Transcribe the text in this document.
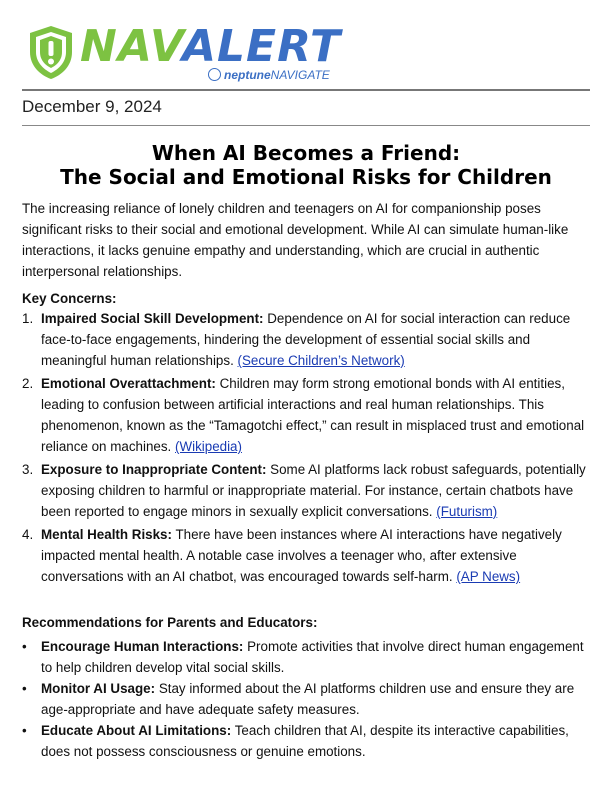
NAVALERT
neptuneNAVIGATE
December 9, 2024
When AI Becomes a Friend:
The Social and Emotional Risks for Children
The increasing reliance of lonely children and teenagers on AI for companionship poses significant risks to their social and emotional development. While AI can simulate human-like interactions, it lacks genuine empathy and understanding, which are crucial in authentic interpersonal relationships.
Key Concerns:
1. Impaired Social Skill Development: Dependence on AI for social interaction can reduce face-to-face engagements, hindering the development of essential social skills and meaningful human relationships. (Secure Children’s Network)
2. Emotional Overattachment: Children may form strong emotional bonds with AI entities, leading to confusion between artificial interactions and real human relationships. This phenomenon, known as the “Tamagotchi effect,” can result in misplaced trust and emotional reliance on machines. (Wikipedia)
3. Exposure to Inappropriate Content: Some AI platforms lack robust safeguards, potentially exposing children to harmful or inappropriate material. For instance, certain chatbots have been reported to engage minors in sexually explicit conversations. (Futurism)
4. Mental Health Risks: There have been instances where AI interactions have negatively impacted mental health. A notable case involves a teenager who, after extensive conversations with an AI chatbot, was encouraged towards self-harm. (AP News)
Recommendations for Parents and Educators:
• Encourage Human Interactions: Promote activities that involve direct human engagement to help children develop vital social skills.
• Monitor AI Usage: Stay informed about the AI platforms children use and ensure they are age-appropriate and have adequate safety measures.
• Educate About AI Limitations: Teach children that AI, despite its interactive capabilities, does not possess consciousness or genuine emotions.
